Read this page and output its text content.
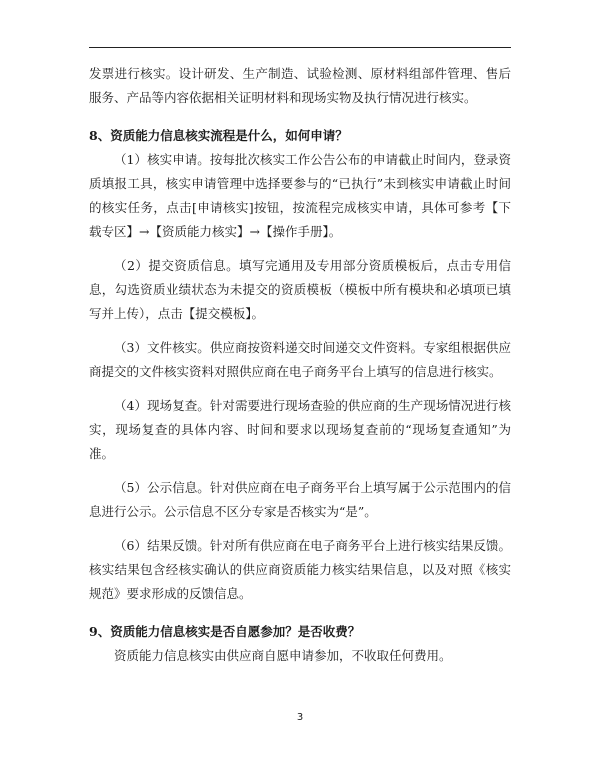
发票进行核实。设计研发、生产制造、试验检测、原材料组部件管理、售后服务、产品等内容依据相关证明材料和现场实物及执行情况进行核实。

8、资质能力信息核实流程是什么，如何申请？

（1）核实申请。按每批次核实工作公告公布的申请截止时间内，登录资质填报工具，核实申请管理中选择要参与的“已执行”未到核实申请截止时间的核实任务，点击[申请核实]按钮，按流程完成核实申请，具体可参考【下载专区】→【资质能力核实】→【操作手册】。

（2）提交资质信息。填写完通用及专用部分资质模板后，点击专用信息，勾选资质业绩状态为未提交的资质模板（模板中所有模块和必填项已填写并上传），点击【提交模板】。

（3）文件核实。供应商按资料递交时间递交文件资料。专家组根据供应商提交的文件核实资料对照供应商在电子商务平台上填写的信息进行核实。

（4）现场复查。针对需要进行现场查验的供应商的生产现场情况进行核实，现场复查的具体内容、时间和要求以现场复查前的“现场复查通知”为准。

（5）公示信息。针对供应商在电子商务平台上填写属于公示范围内的信息进行公示。公示信息不区分专家是否核实为“是”。

（6）结果反馈。针对所有供应商在电子商务平台上进行核实结果反馈。核实结果包含经核实确认的供应商资质能力核实结果信息，以及对照《核实规范》要求形成的反馈信息。

9、资质能力信息核实是否自愿参加？是否收费？

资质能力信息核实由供应商自愿申请参加，不收取任何费用。

3
